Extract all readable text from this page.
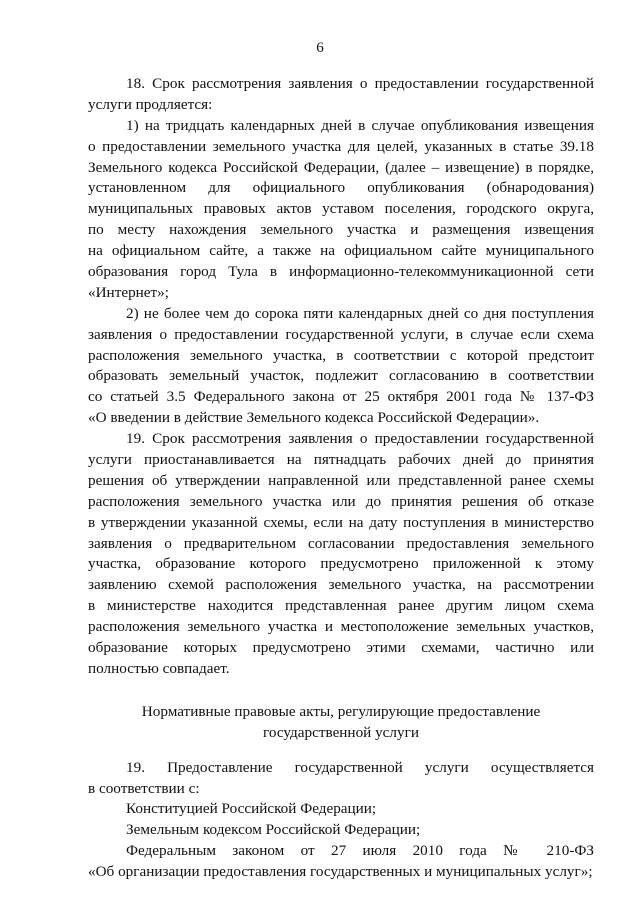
6
18. Срок рассмотрения заявления о предоставлении государственной
услуги продляется:
1) на тридцать календарных дней в случае опубликования извещения
о предоставлении земельного участка для целей, указанных в статье 39.18
Земельного кодекса Российской Федерации, (далее – извещение) в порядке,
установленном для официального опубликования (обнародования)
муниципальных правовых актов уставом поселения, городского округа,
по месту нахождения земельного участка и размещения извещения
на официальном сайте, а также на официальном сайте муниципального
образования город Тула в информационно-телекоммуникационной сети
«Интернет»;
2) не более чем до сорока пяти календарных дней со дня поступления
заявления о предоставлении государственной услуги, в случае если схема
расположения земельного участка, в соответствии с которой предстоит
образовать земельный участок, подлежит согласованию в соответствии
со статьей 3.5 Федерального закона от 25 октября 2001 года № 137-ФЗ
«О введении в действие Земельного кодекса Российской Федерации».
19. Срок рассмотрения заявления о предоставлении государственной
услуги приостанавливается на пятнадцать рабочих дней до принятия
решения об утверждении направленной или представленной ранее схемы
расположения земельного участка или до принятия решения об отказе
в утверждении указанной схемы, если на дату поступления в министерство
заявления о предварительном согласовании предоставления земельного
участка, образование которого предусмотрено приложенной к этому
заявлению схемой расположения земельного участка, на рассмотрении
в министерстве находится представленная ранее другим лицом схема
расположения земельного участка и местоположение земельных участков,
образование которых предусмотрено этими схемами, частично или
полностью совпадает.
Нормативные правовые акты, регулирующие предоставление
государственной услуги
19. Предоставление государственной услуги осуществляется
в соответствии с:
Конституцией Российской Федерации;
Земельным кодексом Российской Федерации;
Федеральным законом от 27 июля 2010 года № 210-ФЗ
«Об организации предоставления государственных и муниципальных услуг»;
